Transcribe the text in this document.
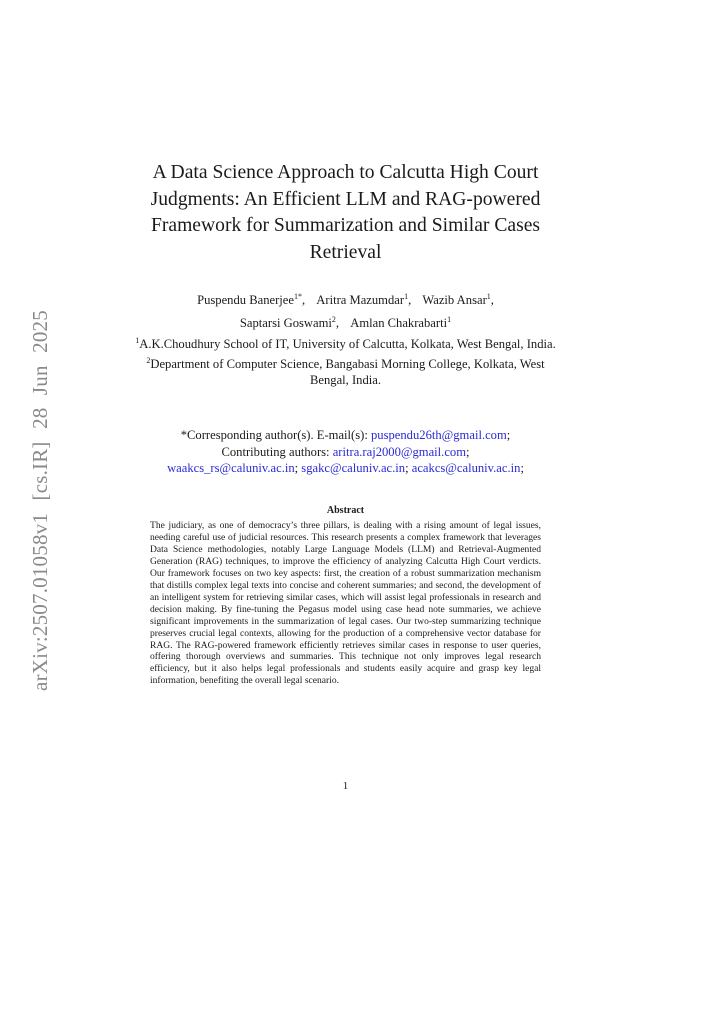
arXiv:2507.01058v1 [cs.IR] 28 Jun 2025
A Data Science Approach to Calcutta High Court
Judgments: An Efficient LLM and RAG-powered
Framework for Summarization and Similar Cases
Retrieval
Puspendu Banerjee$^{1*}$, Aritra Mazumdar$^1$, Wazib Ansar$^1$,
Saptarsi Goswami$^2$, Amlan Chakrabarti$^1$
$^1$A.K.Choudhury School of IT, University of Calcutta, Kolkata, West Bengal, India.
$^2$Department of Computer Science, Bangabasi Morning College, Kolkata, West Bengal, India.
*Corresponding author(s). E-mail(s): puspendu26th@gmail.com;
Contributing authors: aritra.raj2000@gmail.com;
waakcs_rs@caluniv.ac.in; sgakc@caluniv.ac.in; acakcs@caluniv.ac.in;
Abstract

The judiciary, as one of democracy’s three pillars, is dealing with a rising amount of legal issues, needing careful use of judicial resources. This research presents a complex framework that leverages Data Science methodologies, notably Large Language Models (LLM) and Retrieval-Augmented Generation (RAG) techniques, to improve the efficiency of analyzing Calcutta High Court verdicts. Our framework focuses on two key aspects: first, the creation of a robust summarization mechanism that distills complex legal texts into concise and coherent summaries; and second, the development of an intelligent system for retrieving similar cases, which will assist legal professionals in research and decision making. By fine-tuning the Pegasus model using case head note summaries, we achieve significant improvements in the summarization of legal cases. Our two-step summarizing technique preserves crucial legal contexts, allowing for the production of a comprehensive vector database for RAG. The RAG-powered framework efficiently retrieves similar cases in response to user queries, offering thorough overviews and summaries. This technique not only improves legal research efficiency, but it also helps legal professionals and students easily acquire and grasp key legal information, benefiting the overall legal scenario.

1
